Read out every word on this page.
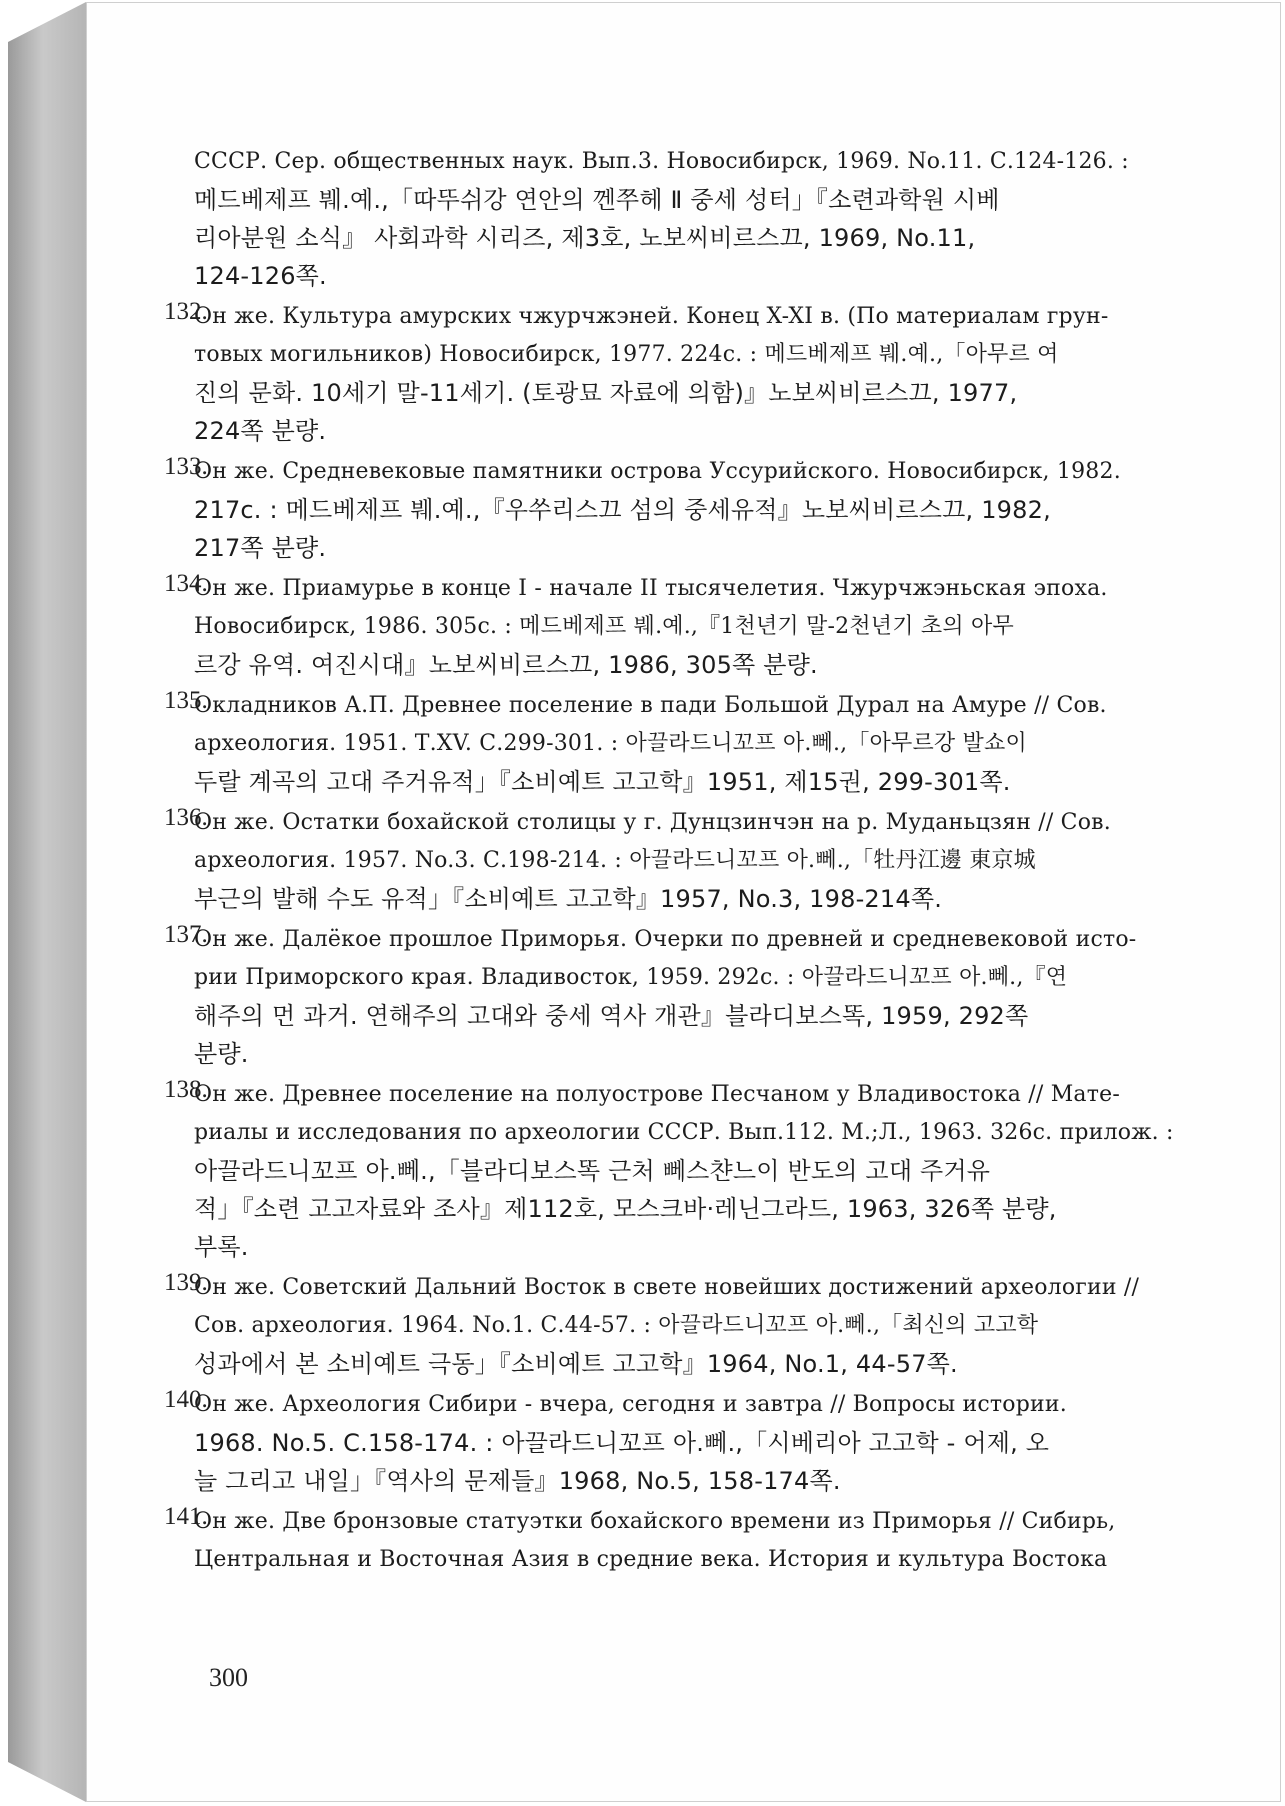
СССР. Сер. общественных наук. Вып.3. Новосибирск, 1969. No.11. С.124-126. :
메드베제프 붸.예.,「따뚜쉬강 연안의 껜쭈헤 Ⅱ 중세 성터」『소련과학원 시베
리아분원 소식』 사회과학 시리즈, 제3호, 노보씨비르스끄, 1969, No.11,
124-126쪽.
132.
Он же. Культура амурских чжурчжэней. Конец X-XI в. (По материалам грун-
товых могильников) Новосибирск, 1977. 224с. : 메드베제프 붸.예.,「아무르 여
진의 문화. 10세기 말-11세기. (토광묘 자료에 의함)』노보씨비르스끄, 1977,
224쪽 분량.
133.
Он же. Средневековые памятники острова Уссурийского. Новосибирск, 1982.
217с. : 메드베제프 붸.예.,『우쑤리스끄 섬의 중세유적』노보씨비르스끄, 1982,
217쪽 분량.
134.
Он же. Приамурье в конце I - начале II тысячелетия. Чжурчжэньская эпоха.
Новосибирск, 1986. 305с. : 메드베제프 붸.예.,『1천년기 말-2천년기 초의 아무
르강 유역. 여진시대』노보씨비르스끄, 1986, 305쪽 분량.
135.
Окладников А.П. Древнее поселение в пади Большой Дурал на Амуре // Сов.
археология. 1951. Т.XV. С.299-301. : 아끌라드니꼬프 아.뻬.,「아무르강 발쇼이
두랄 계곡의 고대 주거유적」『소비예트 고고학』1951, 제15권, 299-301쪽.
136.
Он же. Остатки бохайской столицы у г. Дунцзинчэн на р. Муданьцзян // Сов.
археология. 1957. No.3. С.198-214. : 아끌라드니꼬프 아.뻬.,「牡丹江邊 東京城
부근의 발해 수도 유적」『소비예트 고고학』1957, No.3, 198-214쪽.
137.
Он же. Далёкое прошлое Приморья. Очерки по древней и средневековой исто-
рии Приморского края. Владивосток, 1959. 292с. : 아끌라드니꼬프 아.뻬.,『연
해주의 먼 과거. 연해주의 고대와 중세 역사 개관』블라디보스똑, 1959, 292쪽
분량.
138.
Он же. Древнее поселение на полуострове Песчаном у Владивостока // Мате-
риалы и исследования по археологии СССР. Вып.112. М.;Л., 1963. 326с. прилож. :
아끌라드니꼬프 아.뻬.,「블라디보스똑 근처 뻬스챤느이 반도의 고대 주거유
적」『소련 고고자료와 조사』제112호, 모스크바·레닌그라드, 1963, 326쪽 분량,
부록.
139.
Он же. Советский Дальний Восток в свете новейших достижений археологии //
Сов. археология. 1964. No.1. С.44-57. : 아끌라드니꼬프 아.뻬.,「최신의 고고학
성과에서 본 소비예트 극동」『소비예트 고고학』1964, No.1, 44-57쪽.
140.
Он же. Археология Сибири - вчера, сегодня и завтра // Вопросы истории.
1968. No.5. С.158-174. : 아끌라드니꼬프 아.뻬.,「시베리아 고고학 - 어제, 오
늘 그리고 내일」『역사의 문제들』1968, No.5, 158-174쪽.
141.
Он же. Две бронзовые статуэтки бохайского времени из Приморья // Сибирь,
Центральная и Восточная Азия в средние века. История и культура Востока
300
